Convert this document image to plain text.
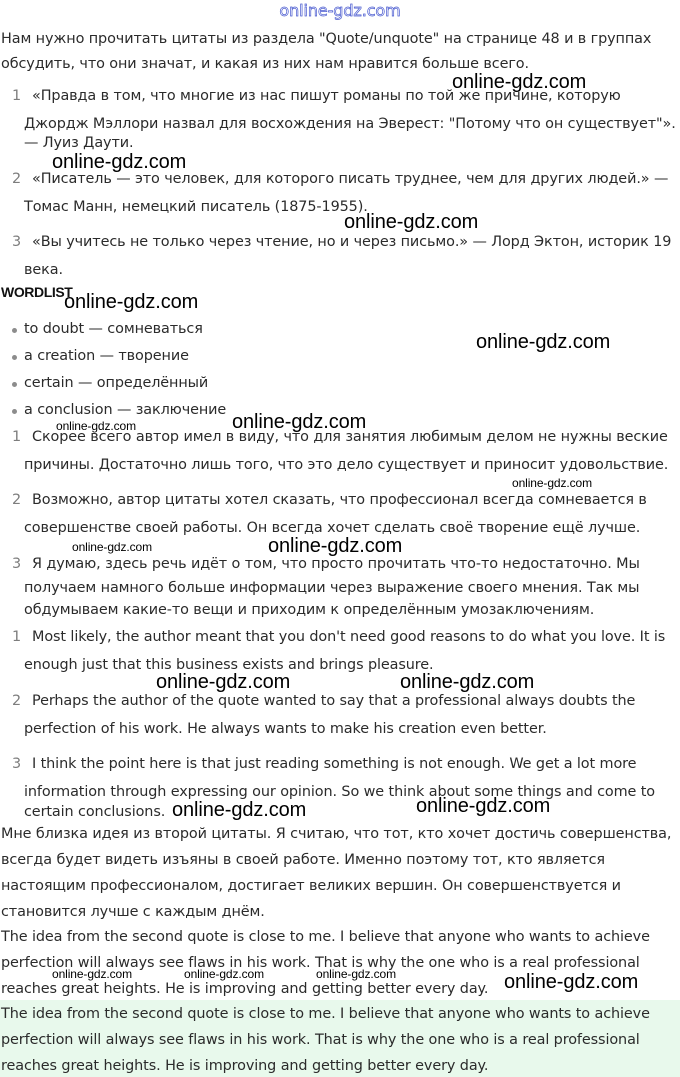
online-gdz.com
Нам нужно прочитать цитаты из раздела "Quote/unquote" на странице 48 и в группах
обсудить, что они значат, и какая из них нам нравится больше всего.
1 «Правда в том, что многие из нас пишут романы по той же причине, которую
Джордж Мэллори назвал для восхождения на Эверест: "Потому что он существует"».
— Луиз Даути.
2 «Писатель — это человек, для которого писать труднее, чем для других людей.» —
Томас Манн, немецкий писатель (1875-1955).
3 «Вы учитесь не только через чтение, но и через письмо.» — Лорд Эктон, историк 19
века.
WORDLIST
to doubt — сомневаться
a creation — творение
certain — определённый
a conclusion — заключение
1 Скорее всего автор имел в виду, что для занятия любимым делом не нужны веские
причины. Достаточно лишь того, что это дело существует и приносит удовольствие.
2 Возможно, автор цитаты хотел сказать, что профессионал всегда сомневается в
совершенстве своей работы. Он всегда хочет сделать своё творение ещё лучше.
3 Я думаю, здесь речь идёт о том, что просто прочитать что-то недостаточно. Мы
получаем намного больше информации через выражение своего мнения. Так мы
обдумываем какие-то вещи и приходим к определённым умозаключениям.
1 Most likely, the author meant that you don't need good reasons to do what you love. It is
enough just that this business exists and brings pleasure.
2 Perhaps the author of the quote wanted to say that a professional always doubts the
perfection of his work. He always wants to make his creation even better.
3 I think the point here is that just reading something is not enough. We get a lot more
information through expressing our opinion. So we think about some things and come to
certain conclusions.
Мне близка идея из второй цитаты. Я считаю, что тот, кто хочет достичь совершенства,
всегда будет видеть изъяны в своей работе. Именно поэтому тот, кто является
настоящим профессионалом, достигает великих вершин. Он совершенствуется и
становится лучше с каждым днём.
The idea from the second quote is close to me. I believe that anyone who wants to achieve
perfection will always see flaws in his work. That is why the one who is a real professional
reaches great heights. He is improving and getting better every day.
The idea from the second quote is close to me. I believe that anyone who wants to achieve
perfection will always see flaws in his work. That is why the one who is a real professional
reaches great heights. He is improving and getting better every day.
online-gdz.com
online-gdz.com
online-gdz.com
online-gdz.com
online-gdz.com
online-gdz.com
online-gdz.com
online-gdz.com
online-gdz.com	online-gdz.com
online-gdz.com	online-gdz.com
online-gdz.com	online-gdz.com
online-gdz.com	online-gdz.com	online-gdz.com	online-gdz.com
